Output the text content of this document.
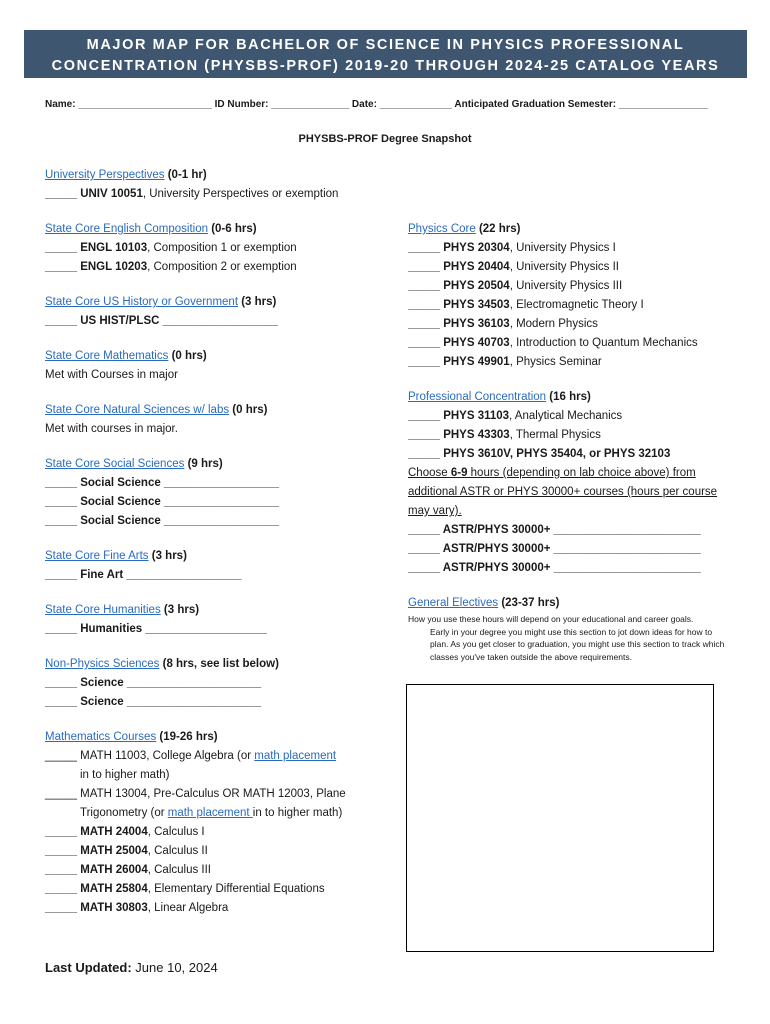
MAJOR MAP FOR BACHELOR OF SCIENCE IN PHYSICS PROFESSIONAL
CONCENTRATION (PHYSBS-PROF) 2019-20 THROUGH 2024-25 CATALOG YEARS
Name: ________________________ ID Number: ______________ Date: _____________ Anticipated Graduation Semester: ________________
PHYSBS-PROF Degree Snapshot
University Perspectives (0-1 hr)
_____ UNIV 10051, University Perspectives or exemption
State Core English Composition (0-6 hrs)
_____ ENGL 10103, Composition 1 or exemption
_____ ENGL 10203, Composition 2 or exemption
State Core US History or Government (3 hrs)
_____ US HIST/PLSC __________________
State Core Mathematics (0 hrs)
Met with Courses in major
State Core Natural Sciences w/ labs (0 hrs)
Met with courses in major.
State Core Social Sciences (9 hrs)
_____ Social Science __________________
_____ Social Science __________________
_____ Social Science __________________
State Core Fine Arts (3 hrs)
_____ Fine Art __________________
State Core Humanities (3 hrs)
_____ Humanities ___________________
Non-Physics Sciences (8 hrs, see list below)
_____ Science _____________________
_____ Science _____________________
Mathematics Courses (19-26 hrs)
_____ MATH 11003, College Algebra (or math placement
in to higher math)
_____ MATH 13004, Pre-Calculus OR MATH 12003, Plane
Trigonometry (or math placement in to higher math)
_____ MATH 24004, Calculus I
_____ MATH 25004, Calculus II
_____ MATH 26004, Calculus III
_____ MATH 25804, Elementary Differential Equations
_____ MATH 30803, Linear Algebra
Physics Core (22 hrs)
_____ PHYS 20304, University Physics I
_____ PHYS 20404, University Physics II
_____ PHYS 20504, University Physics III
_____ PHYS 34503, Electromagnetic Theory I
_____ PHYS 36103, Modern Physics
_____ PHYS 40703, Introduction to Quantum Mechanics
_____ PHYS 49901, Physics Seminar
Professional Concentration (16 hrs)
_____ PHYS 31103, Analytical Mechanics
_____ PHYS 43303, Thermal Physics
_____ PHYS 3610V, PHYS 35404, or PHYS 32103
Choose 6-9 hours (depending on lab choice above) from additional ASTR or PHYS 30000+ courses (hours per course may vary).
_____ ASTR/PHYS 30000+ _______________________
_____ ASTR/PHYS 30000+ _______________________
_____ ASTR/PHYS 30000+ _______________________
General Electives (23-37 hrs)
How you use these hours will depend on your educational and career goals.
Early in your degree you might use this section to jot down ideas for how to plan. As you get closer to graduation, you might use this section to track which classes you've taken outside the above requirements.
Last Updated: June 10, 2024
